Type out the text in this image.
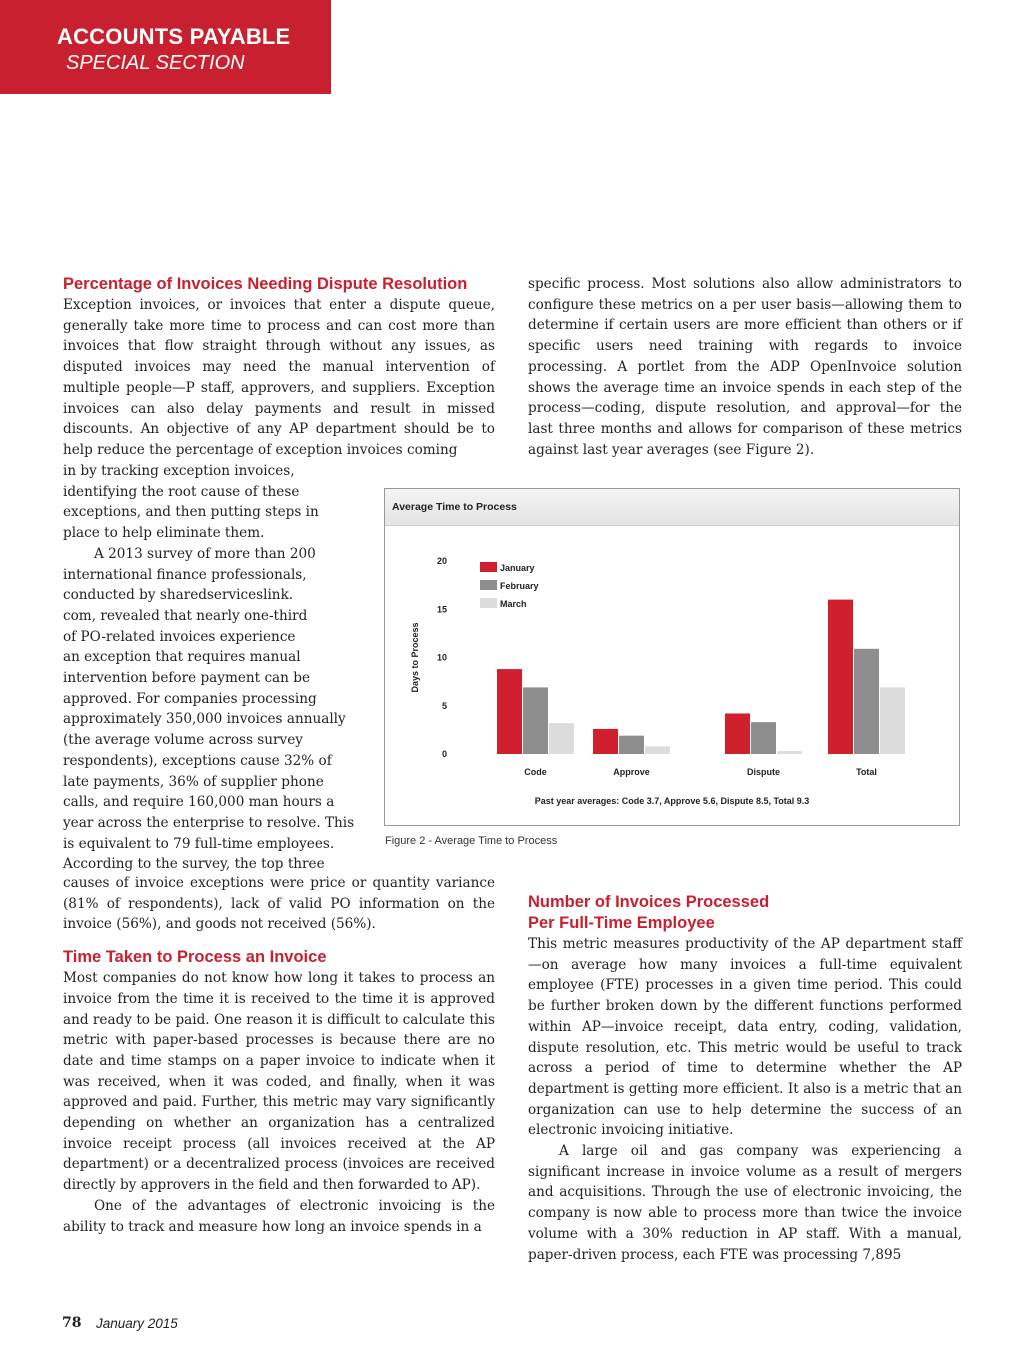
ACCOUNTS PAYABLE
SPECIAL SECTION
Percentage of Invoices Needing Dispute Resolution

Exception invoices, or invoices that enter a dispute queue, generally take more time to process and can cost more than invoices that flow straight through without any issues, as disputed invoices may need the manual intervention of multiple people—P staff, approvers, and suppliers. Exception invoices can also delay payments and result in missed discounts. An objective of any AP department should be to help reduce the percentage of exception invoices coming

in by tracking exception invoices,
identifying the root cause of these
exceptions, and then putting steps in
place to help eliminate them.
A 2013 survey of more than 200
international finance professionals,
conducted by sharedserviceslink.
com, revealed that nearly one-third
of PO-related invoices experience
an exception that requires manual
intervention before payment can be
approved. For companies processing
approximately 350,000 invoices annually
(the average volume across survey
respondents), exceptions cause 32% of
late payments, 36% of supplier phone
calls, and require 160,000 man hours a
year across the enterprise to resolve. This
is equivalent to 79 full-time employees.
According to the survey, the top three

causes of invoice exceptions were price or quantity variance (81% of respondents), lack of valid PO information on the invoice (56%), and goods not received (56%).

Time Taken to Process an Invoice

Most companies do not know how long it takes to process an invoice from the time it is received to the time it is approved and ready to be paid. One reason it is difficult to calculate this metric with paper-based processes is because there are no date and time stamps on a paper invoice to indicate when it was received, when it was coded, and finally, when it was approved and paid. Further, this metric may vary significantly depending on whether an organization has a centralized invoice receipt process (all invoices received at the AP department) or a decentralized process (invoices are received directly by approvers in the field and then forwarded to AP).

One of the advantages of electronic invoicing is the ability to track and measure how long an invoice spends in a

specific process. Most solutions also allow administrators to configure these metrics on a per user basis—allowing them to determine if certain users are more efficient than others or if specific users need training with regards to invoice processing. A portlet from the ADP OpenInvoice solution shows the average time an invoice spends in each step of the process—coding, dispute resolution, and approval—for the last three months and allows for comparison of these metrics against last year averages (see Figure 2).

Number of Invoices Processed
Per Full-Time Employee

This metric measures productivity of the AP department staff—on average how many invoices a full-time equivalent employee (FTE) processes in a given time period. This could be further broken down by the different functions performed within AP—invoice receipt, data entry, coding, validation, dispute resolution, etc. This metric would be useful to track across a period of time to determine whether the AP department is getting more efficient. It also is a metric that an organization can use to help determine the success of an electronic invoicing initiative.

A large oil and gas company was experiencing a significant increase in invoice volume as a result of mergers and acquisitions. Through the use of electronic invoicing, the company is now able to process more than twice the invoice volume with a 30% reduction in AP staff. With a manual, paper-driven process, each FTE was processing 7,895

Average Time to Process
Days to Process
0
5
10
15
20
Code	Approve	Dispute	Total
January
February
March
Past year averages: Code 3.7, Approve 5.6, Dispute 8.5, Total 9.3
Figure 2 - Average Time to Process
78 January 2015
